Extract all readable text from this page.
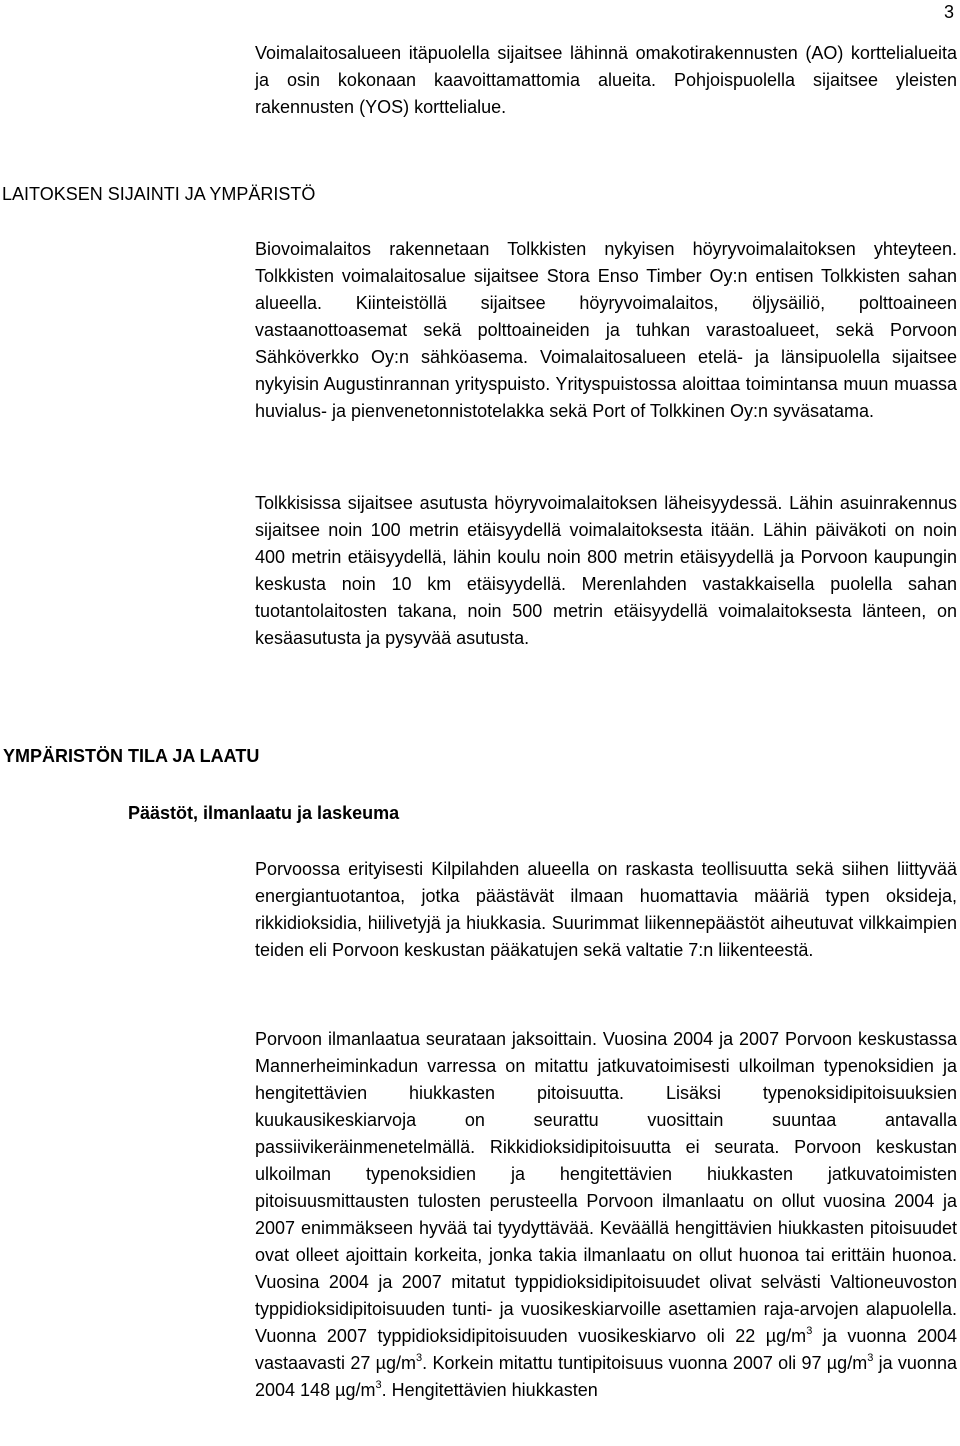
3

Voimalaitosalueen itäpuolella sijaitsee lähinnä omakotirakennusten (AO) korttelialueita ja osin kokonaan kaavoittamattomia alueita. Pohjoispuolella sijaitsee yleisten rakennusten (YOS) korttelialue.

LAITOKSEN SIJAINTI JA YMPÄRISTÖ

Biovoimalaitos rakennetaan Tolkkisten nykyisen höyryvoimalaitoksen yhteyteen. Tolkkisten voimalaitosalue sijaitsee Stora Enso Timber Oy:n entisen Tolkkisten sahan alueella. Kiinteistöllä sijaitsee höyryvoimalaitos, öljysäiliö, polttoaineen vastaanottoasemat sekä polttoaineiden ja tuhkan varastoalueet, sekä Porvoon Sähköverkko Oy:n sähköasema. Voimalaitosalueen etelä- ja länsipuolella sijaitsee nykyisin Augustinrannan yrityspuisto. Yrityspuistossa aloittaa toimintansa muun muassa huvialus- ja pienvenetonnistotelakka sekä Port of Tolkkinen Oy:n syväsatama.

Tolkkisissa sijaitsee asutusta höyryvoimalaitoksen läheisyydessä. Lähin asuinrakennus sijaitsee noin 100 metrin etäisyydellä voimalaitoksesta itään. Lähin päiväkoti on noin 400 metrin etäisyydellä, lähin koulu noin 800 metrin etäisyydellä ja Porvoon kaupungin keskusta noin 10 km etäisyydellä. Merenlahden vastakkaisella puolella sahan tuotantolaitosten takana, noin 500 metrin etäisyydellä voimalaitoksesta länteen, on kesäasutusta ja pysyvää asutusta.

YMPÄRISTÖN TILA JA LAATU
Päästöt, ilmanlaatu ja laskeuma

Porvoossa erityisesti Kilpilahden alueella on raskasta teollisuutta sekä siihen liittyvää energiantuotantoa, jotka päästävät ilmaan huomattavia määriä typen oksideja, rikkidioksidia, hiilivetyjä ja hiukkasia. Suurimmat liikennepäästöt aiheutuvat vilkkaimpien teiden eli Porvoon keskustan pääkatujen sekä valtatie 7:n liikenteestä.

Porvoon ilmanlaatua seurataan jaksoittain. Vuosina 2004 ja 2007 Porvoon keskustassa Mannerheiminkadun varressa on mitattu jatkuvatoimisesti ulkoilman typenoksidien ja hengitettävien hiukkasten pitoisuutta. Lisäksi typenoksidipitoisuuksien kuukausikeskiarvoja on seurattu vuosittain suuntaa antavalla passiivikeräinmenetelmällä. Rikkidioksidipitoisuutta ei seurata. Porvoon keskustan ulkoilman typenoksidien ja hengitettävien hiukkasten jatkuvatoimisten pitoisuusmittausten tulosten perusteella Porvoon ilmanlaatu on ollut vuosina 2004 ja 2007 enimmäkseen hyvää tai tyydyttävää. Keväällä hengittävien hiukkasten pitoisuudet ovat olleet ajoittain korkeita, jonka takia ilmanlaatu on ollut huonoa tai erittäin huonoa. Vuosina 2004 ja 2007 mitatut typpidioksidipitoisuudet olivat selvästi Valtioneuvoston typpidioksidipitoisuuden tunti- ja vuosikeskiarvoille asettamien raja-arvojen alapuolella. Vuonna 2007 typpidioksidipitoisuuden vuosikeskiarvo oli 22 $\mu g/m^3$ ja vuonna 2004 vastaavasti 27 $\mu g/m^3$. Korkein mitattu tuntipitoisuus vuonna 2007 oli 97 $\mu g/m^3$ ja vuonna 2004 148 $\mu g/m^3$. Hengitettävien hiukkasten
